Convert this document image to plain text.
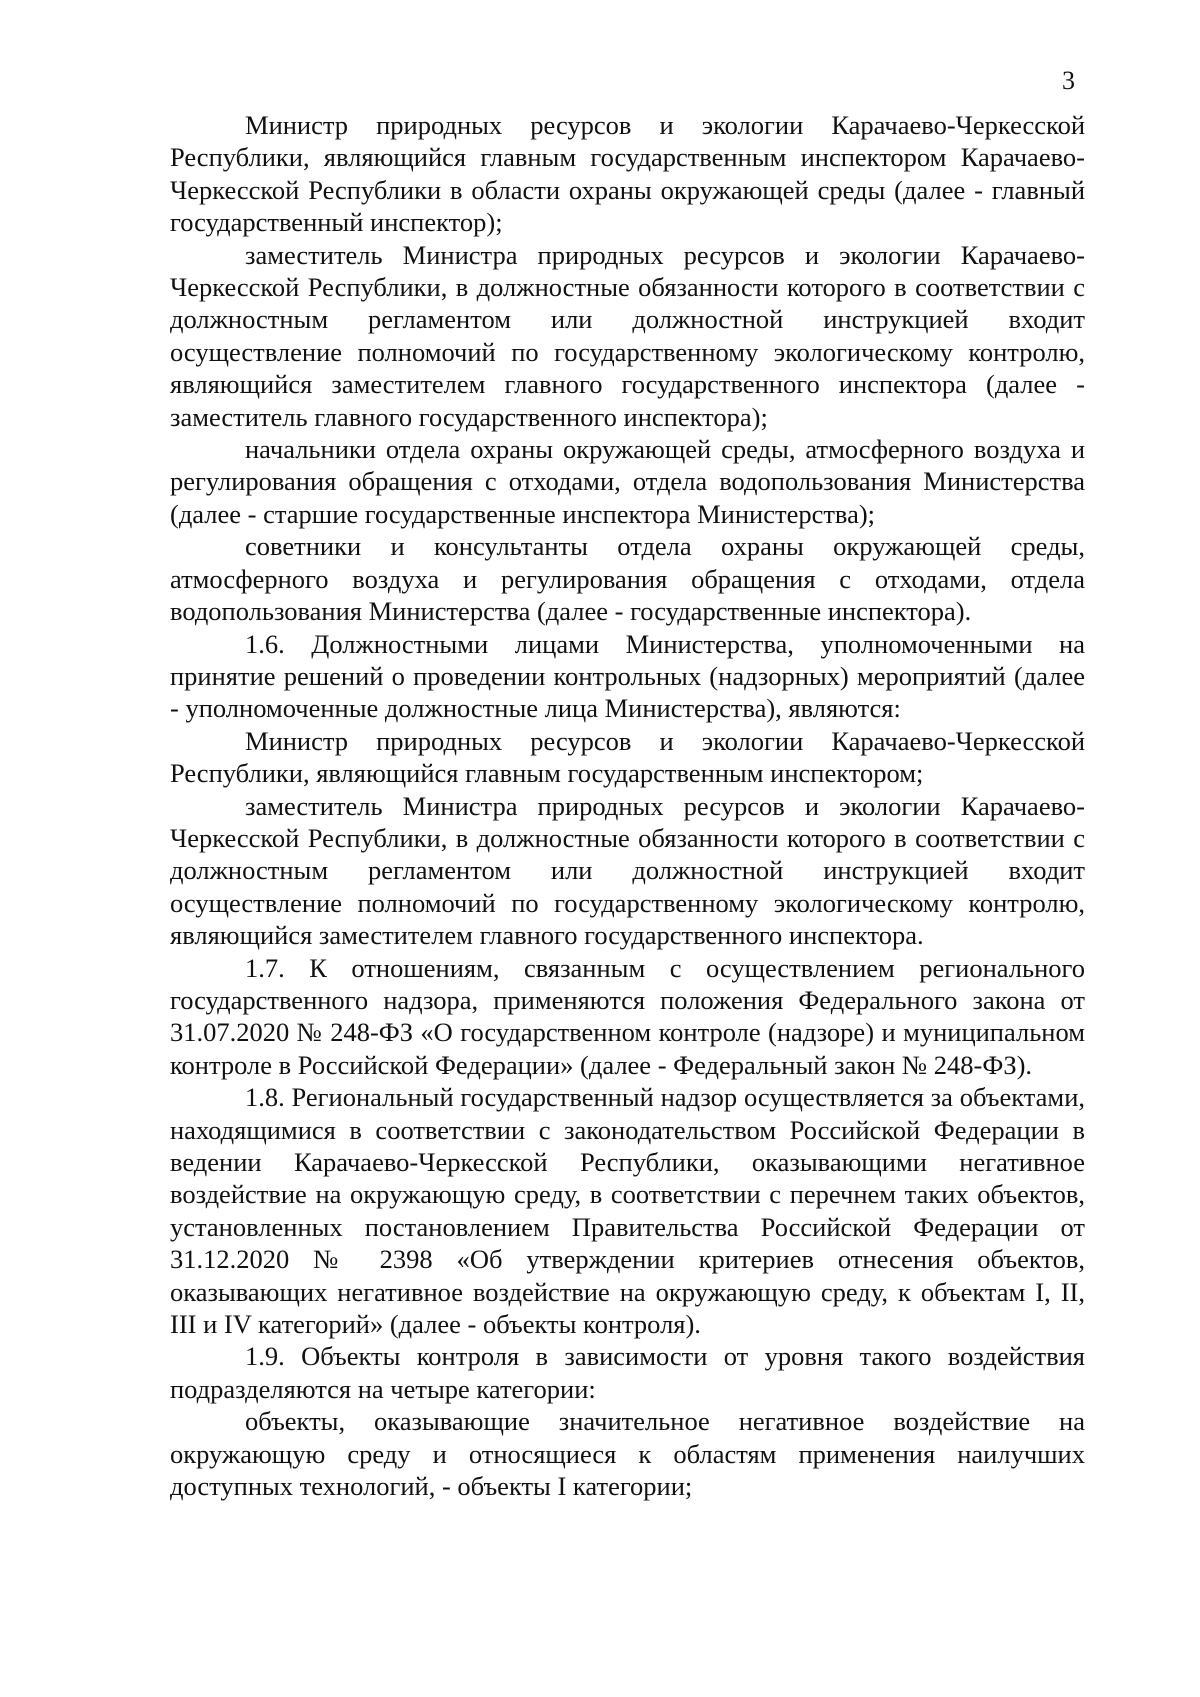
3

Министр природных ресурсов и экологии Карачаево-Черкесской Республики, являющийся главным государственным инспектором Карачаево-Черкесской Республики в области охраны окружающей среды (далее - главный государственный инспектор);

заместитель Министра природных ресурсов и экологии Карачаево-Черкесской Республики, в должностные обязанности которого в соответствии с должностным регламентом или должностной инструкцией входит осуществление полномочий по государственному экологическому контролю, являющийся заместителем главного государственного инспектора (далее - заместитель главного государственного инспектора);

начальники отдела охраны окружающей среды, атмосферного воздуха и регулирования обращения с отходами, отдела водопользования Министерства (далее - старшие государственные инспектора Министерства);

советники и консультанты отдела охраны окружающей среды, атмосферного воздуха и регулирования обращения с отходами, отдела водопользования Министерства (далее - государственные инспектора).

1.6. Должностными лицами Министерства, уполномоченными на принятие решений о проведении контрольных (надзорных) мероприятий (далее - уполномоченные должностные лица Министерства), являются:

Министр природных ресурсов и экологии Карачаево-Черкесской Республики, являющийся главным государственным инспектором;

заместитель Министра природных ресурсов и экологии Карачаево-Черкесской Республики, в должностные обязанности которого в соответствии с должностным регламентом или должностной инструкцией входит осуществление полномочий по государственному экологическому контролю, являющийся заместителем главного государственного инспектора.

1.7. К отношениям, связанным с осуществлением регионального государственного надзора, применяются положения Федерального закона от 31.07.2020 № 248-ФЗ «О государственном контроле (надзоре) и муниципальном контроле в Российской Федерации» (далее - Федеральный закон № 248-ФЗ).

1.8. Региональный государственный надзор осуществляется за объектами, находящимися в соответствии с законодательством Российской Федерации в ведении Карачаево-Черкесской Республики, оказывающими негативное воздействие на окружающую среду, в соответствии с перечнем таких объектов, установленных постановлением Правительства Российской Федерации от 31.12.2020 № 2398 «Об утверждении критериев отнесения объектов, оказывающих негативное воздействие на окружающую среду, к объектам I, II, III и IV категорий» (далее - объекты контроля).

1.9. Объекты контроля в зависимости от уровня такого воздействия подразделяются на четыре категории:

объекты, оказывающие значительное негативное воздействие на окружающую среду и относящиеся к областям применения наилучших доступных технологий, - объекты I категории;
